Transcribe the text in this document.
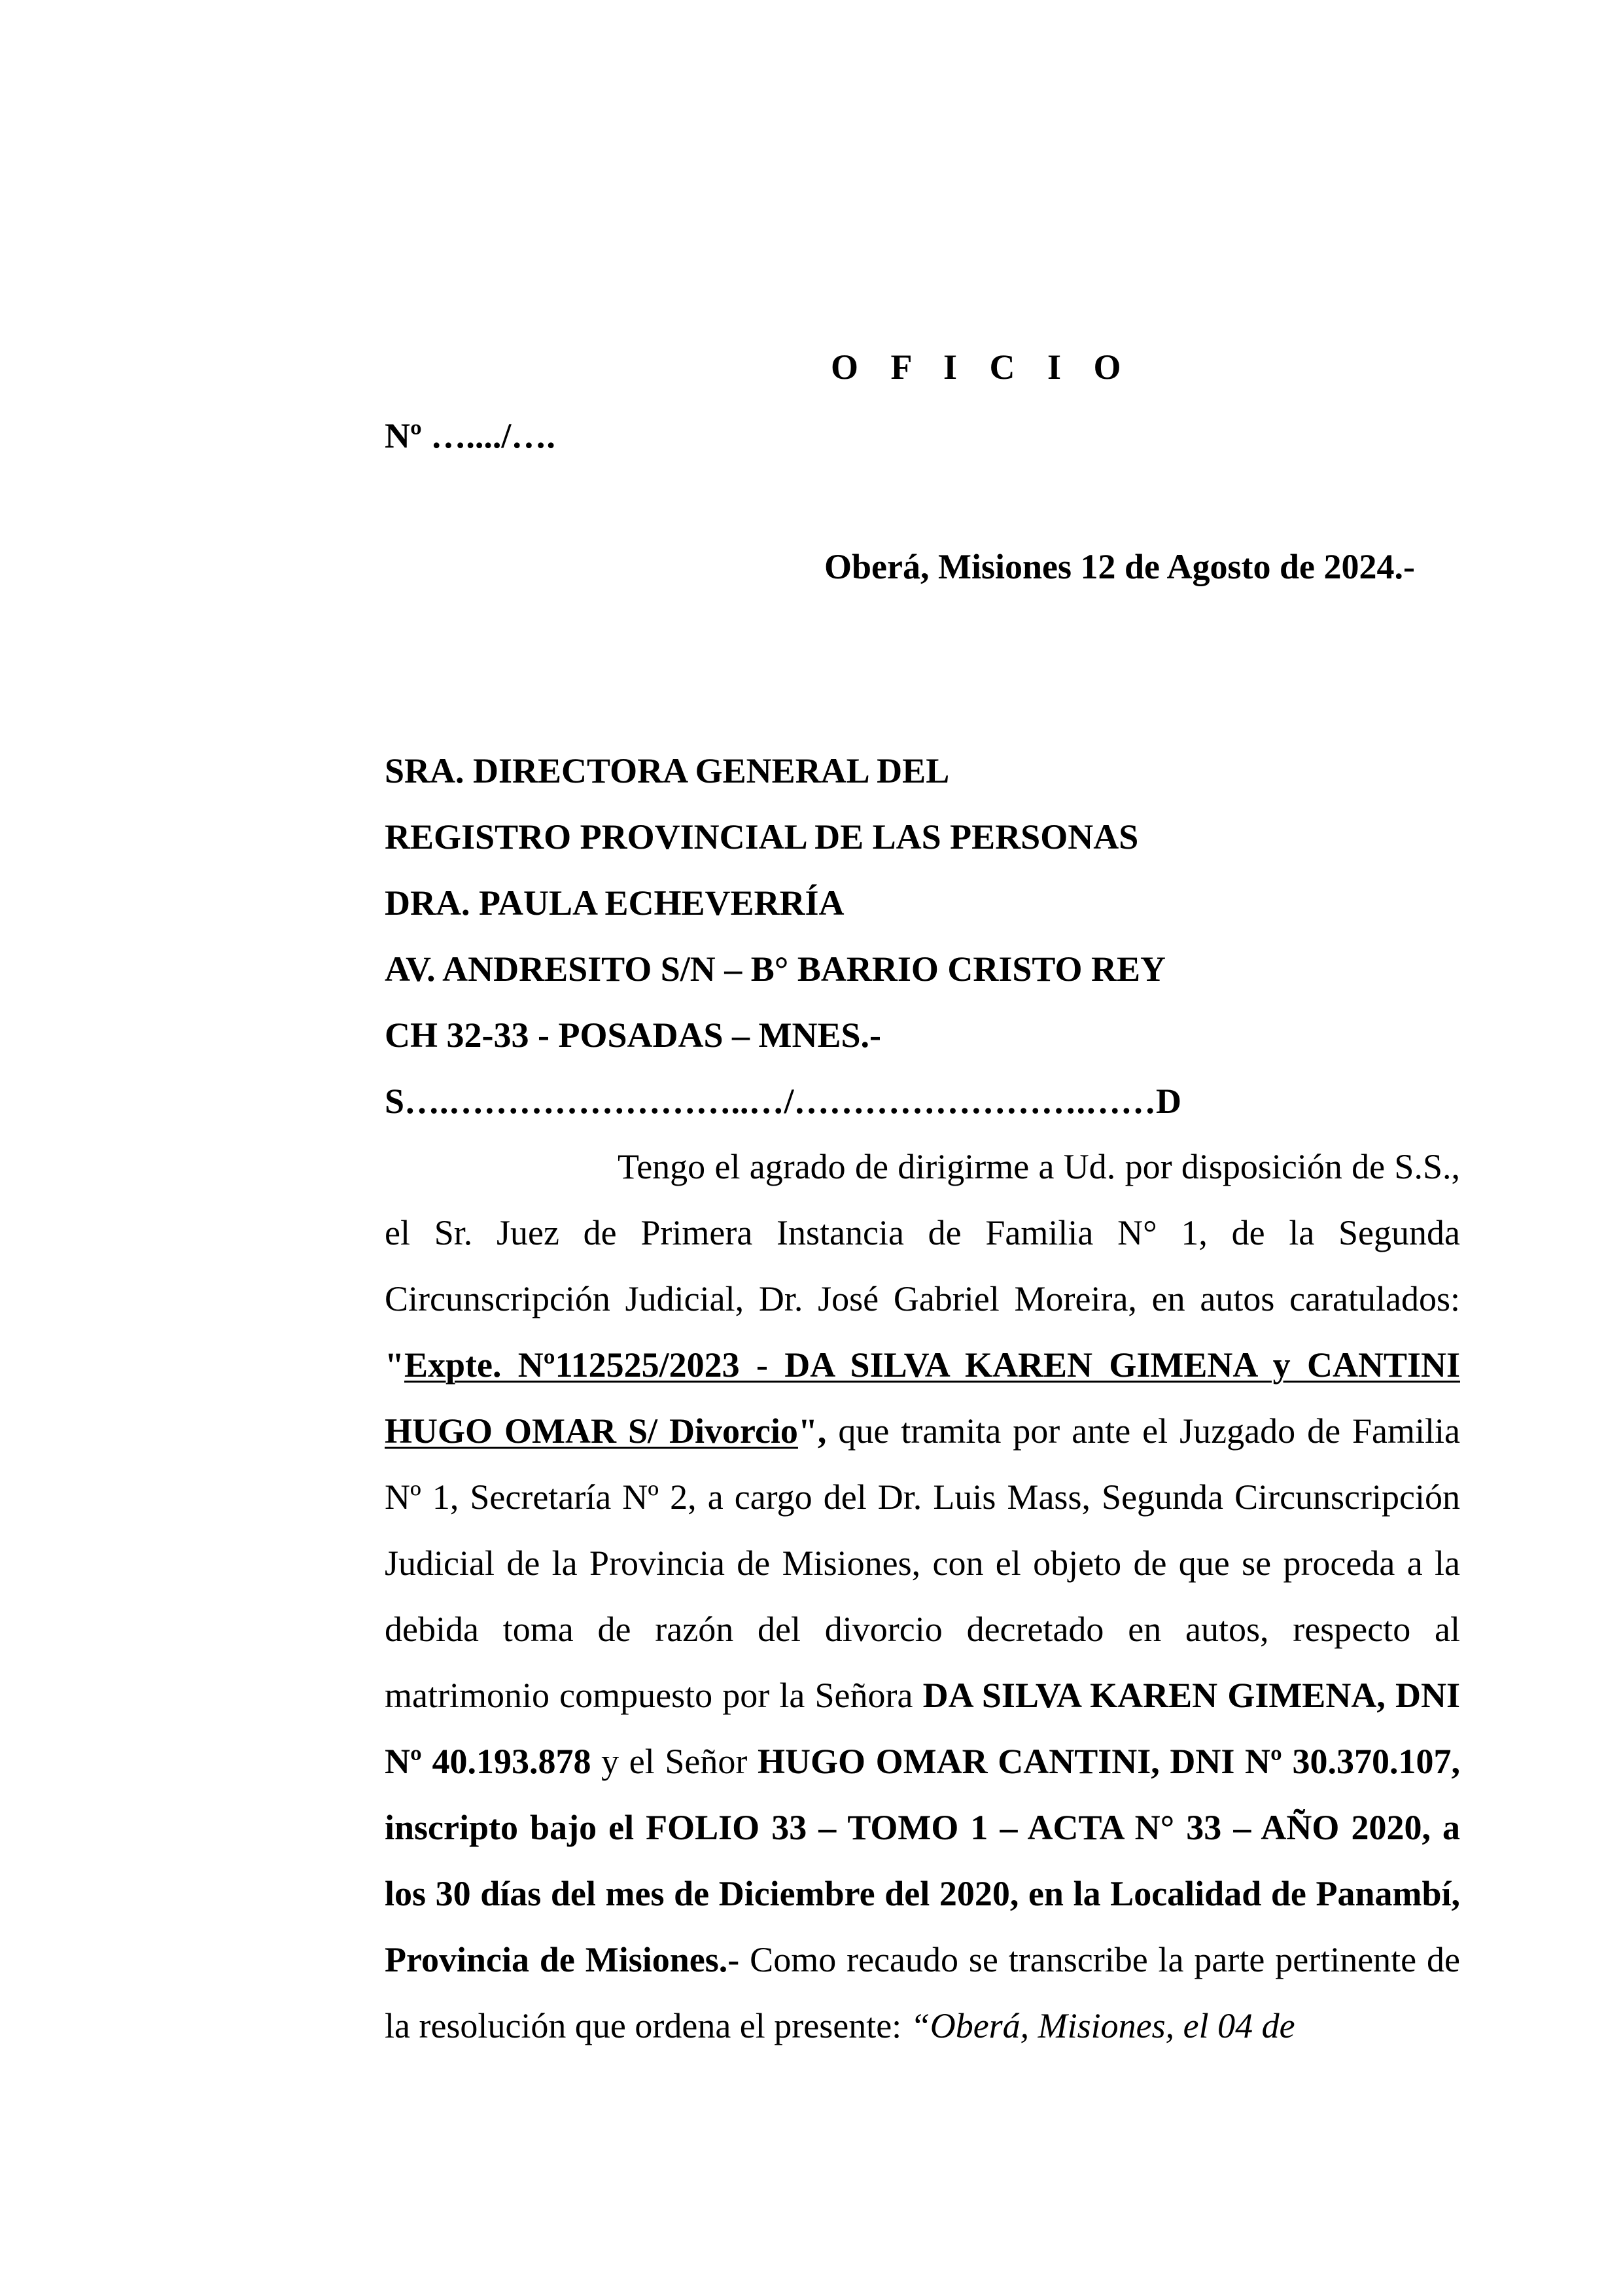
O F I C I O
Nº …..../….
Oberá, Misiones 12 de Agosto de 2024.-
SRA. DIRECTORA GENERAL DEL
REGISTRO PROVINCIAL DE LAS PERSONAS
DRA. PAULA ECHEVERRÍA
AV. ANDRESITO S/N – B° BARRIO CRISTO REY
CH 32-33 - POSADAS – MNES.-
S….……………………..…/…………………….……D
Tengo el agrado de dirigirme a Ud. por disposición de S.S., el Sr. Juez de Primera Instancia de Familia N° 1, de la Segunda Circunscripción Judicial, Dr. José Gabriel Moreira, en autos caratulados: "Expte. Nº112525/2023 - DA SILVA KAREN GIMENA y CANTINI HUGO OMAR S/ Divorcio", que tramita por ante el Juzgado de Familia Nº 1, Secretaría Nº 2, a cargo del Dr. Luis Mass, Segunda Circunscripción Judicial de la Provincia de Misiones, con el objeto de que se proceda a la debida toma de razón del divorcio decretado en autos, respecto al matrimonio compuesto por la Señora DA SILVA KAREN GIMENA, DNI Nº 40.193.878 y el Señor HUGO OMAR CANTINI, DNI Nº 30.370.107, inscripto bajo el FOLIO 33 – TOMO 1 – ACTA N° 33 – AÑO 2020, a los 30 días del mes de Diciembre del 2020, en la Localidad de Panambí, Provincia de Misiones.- Como recaudo se transcribe la parte pertinente de la resolución que ordena el presente: “Oberá, Misiones, el 04 de
